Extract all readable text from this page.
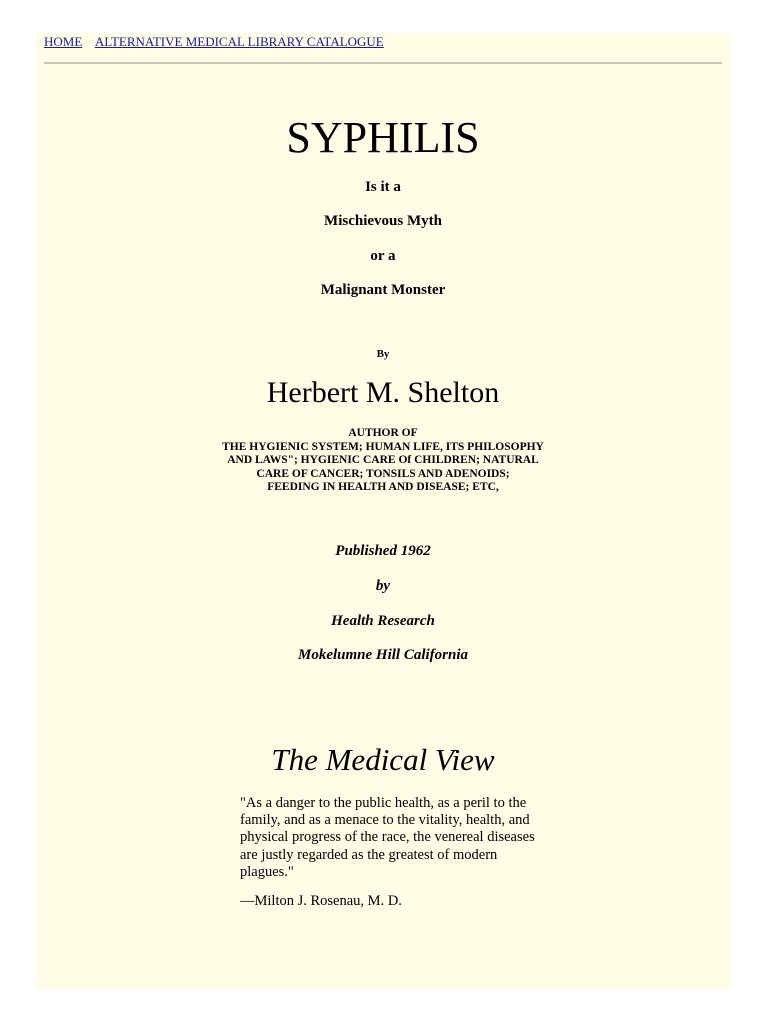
HOME ALTERNATIVE MEDICAL LIBRARY CATALOGUE
SYPHILIS
Is it a
Mischievous Myth
or a
Malignant Monster
By
Herbert M. Shelton
AUTHOR OF
THE HYGIENIC SYSTEM; HUMAN LIFE, ITS PHILOSOPHY
AND LAWS"; HYGIENIC CARE Of CHILDREN; NATURAL
CARE OF CANCER; TONSILS AND ADENOIDS;
FEEDING IN HEALTH AND DISEASE; ETC,
Published 1962
by
Health Research
Mokelumne Hill California
The Medical View
"As a danger to the public health, as a peril to the family, and as a menace to the vitality, health, and physical progress of the race, the venereal diseases are justly regarded as the greatest of modern plagues."
—Milton J. Rosenau, M. D.
